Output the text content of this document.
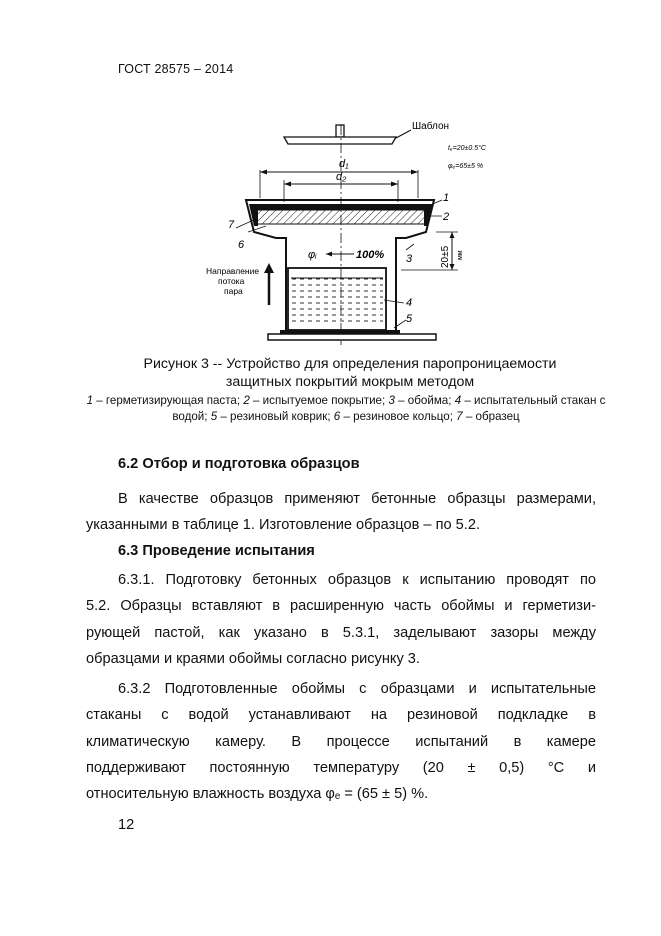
ГОСТ 28575 – 2014
Шаблон
tₑ=20±0.5°C
φₑ=65±5 %
d₁
d₂
φᵢ	100%	20±5 мм
Направление
потока
пара
1
2
3
4
5
6
7
Рисунок 3 -- Устройство для определения паропроницаемости
защитных покрытий мокрым методом
1 – герметизирующая паста; 2 – испытуемое покрытие; 3 – обойма; 4 – испытательный стакан с водой; 5 – резиновый коврик; 6 – резиновое кольцо; 7 – образец
6.2 Отбор и подготовка образцов
В качестве образцов применяют бетонные образцы размерами,
указанными в таблице 1. Изготовление образцов – по 5.2.
6.3 Проведение испытания
6.3.1. Подготовку бетонных образцов к испытанию проводят по
5.2. Образцы вставляют в расширенную часть обоймы и герметизи-
рующей пастой, как указано в 5.3.1, заделывают зазоры между
образцами и краями обоймы согласно рисунку 3.
6.3.2 Подготовленные обоймы с образцами и испытательные
стаканы с водой устанавливают на резиновой подкладке в
климатическую камеру. В процессе испытаний в камере
поддерживают постоянную температуру (20 ± 0,5) °С и
относительную влажность воздуха φₑ = (65 ± 5) %.
12
